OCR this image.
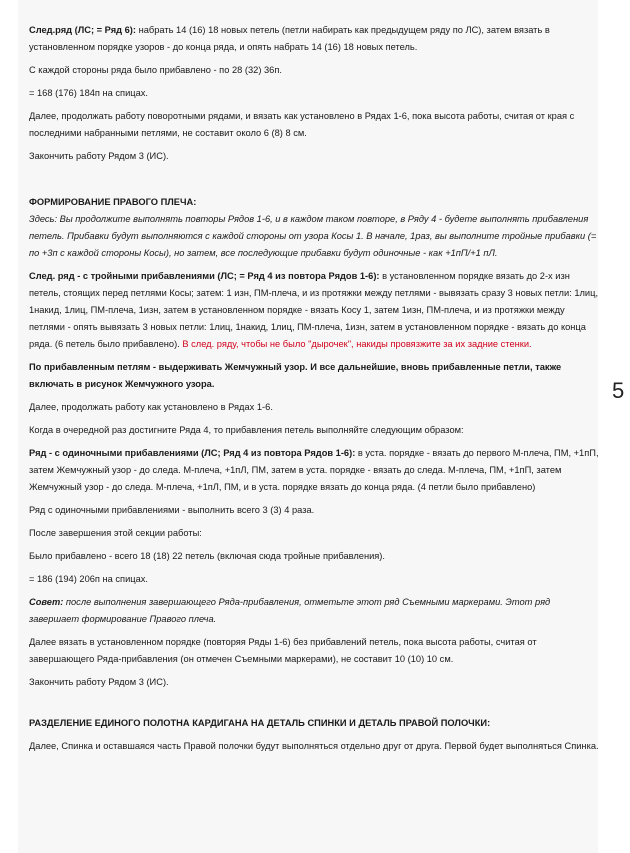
След.ряд (ЛС; = Ряд 6): набрать 14 (16) 18 новых петель (петли набирать как предыдущем ряду по ЛС), затем вязать в установленном порядке узоров - до конца ряда, и опять набрать 14 (16) 18 новых петель.

С каждой стороны ряда было прибавлено - по 28 (32) 36п.

= 168 (176) 184п на спицах.

Далее, продолжать работу поворотными рядами, и вязать как установлено в Рядах 1-6, пока высота работы, считая от края с последними набранными петлями, не составит около 6 (8) 8 см.

Закончить работу Рядом 3 (ИС).

ФОРМИРОВАНИЕ ПРАВОГО ПЛЕЧА:

Здесь: Вы продолжите выполнять повторы Рядов 1-6, и в каждом таком повторе, в Ряду 4 - будете выполнять прибавления петель. Прибавки будут выполняются с каждой стороны от узора Косы 1. В начале, 1раз, вы выполните тройные прибавки (= по +3п с каждой стороны Косы), но затем, все последующие прибавки будут одиночные - как +1пП/+1 пЛ.

След. ряд - с тройными прибавлениями (ЛС; = Ряд 4 из повтора Рядов 1-6): в установленном порядке вязать до 2-х изн петель, стоящих перед петлями Косы; затем: 1 изн, ПМ-плеча, и из протяжки между петлями - вывязать сразу 3 новых петли: 1лиц, 1накид, 1лиц, ПМ-плеча, 1изн, затем в установленном порядке - вязать Косу 1, затем 1изн, ПМ-плеча, и из протяжки между петлями - опять вывязать 3 новых петли: 1лиц, 1накид, 1лиц, ПМ-плеча, 1изн, затем в установленном порядке - вязать до конца ряда. (6 петель было прибавлено). В след. ряду, чтобы не было "дырочек", накиды провязжите за их задние стенки.

По прибавленным петлям - выдерживать Жемчужный узор. И все дальнейшие, вновь прибавленные петли, также включать в рисунок Жемчужного узора.

Далее, продолжать работу как установлено в Рядах 1-6.

Когда в очередной раз достигните Ряда 4, то прибавления петель выполняйте следующим образом:

Ряд - с одиночными прибавлениями (ЛС; Ряд 4 из повтора Рядов 1-6): в уста. порядке - вязать до первого М-плеча, ПМ, +1пП, затем Жемчужный узор - до следа. М-плеча, +1пЛ, ПМ, затем в уста. порядке - вязать до следа. М-плеча, ПМ, +1пП, затем Жемчужный узор - до следа. М-плеча, +1пЛ, ПМ, и в уста. порядке вязать до конца ряда. (4 петли было прибавлено)

Ряд с одиночными прибавлениями - выполнить всего 3 (3) 4 раза.

После завершения этой секции работы:

Было прибавлено - всего 18 (18) 22 петель (включая сюда тройные прибавления).

= 186 (194) 206п на спицах.

Совет: после выполнения завершающего Ряда-прибавления, отметьте этот ряд Съемными маркерами. Этот ряд завершает формирование Правого плеча.

Далее вязать в установленном порядке (повторяя Ряды 1-6) без прибавлений петель, пока высота работы, считая от завершающего Ряда-прибавления (он отмечен Съемными маркерами), не составит 10 (10) 10 см.

Закончить работу Рядом 3 (ИС).

РАЗДЕЛЕНИЕ ЕДИНОГО ПОЛОТНА КАРДИГАНА НА ДЕТАЛЬ СПИНКИ И ДЕТАЛЬ ПРАВОЙ ПОЛОЧКИ:

Далее, Спинка и оставшаяся часть Правой полочки будут выполняться отдельно друг от друга. Первой будет выполняться Спинка.

5
